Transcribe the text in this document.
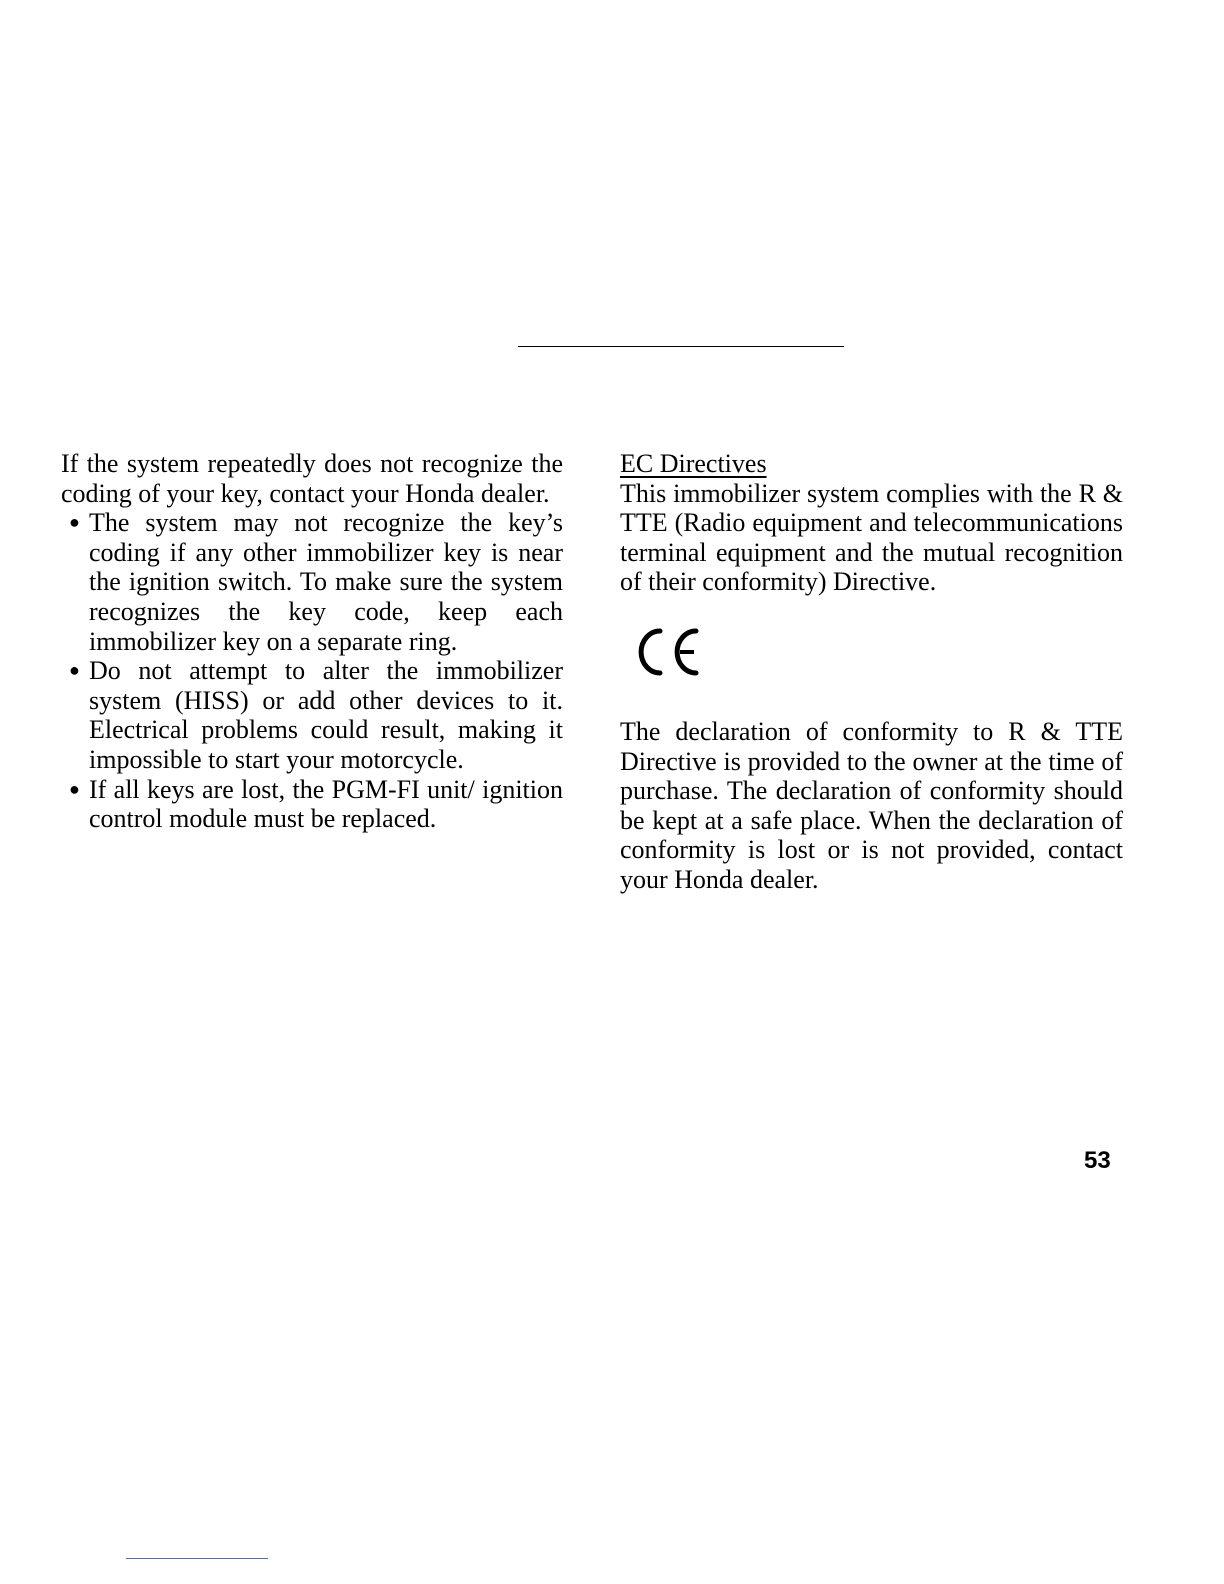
If the system repeatedly does not recognize the coding of your key, contact your Honda dealer.

● The system may not recognize the key’s coding if any other immobilizer key is near the ignition switch. To make sure the system recognizes the key code, keep each immobilizer key on a separate ring.
● Do not attempt to alter the immobilizer system (HISS) or add other devices to it. Electrical problems could result, making it impossible to start your motorcycle.
● If all keys are lost, the PGM-FI unit/ ignition control module must be replaced.
EC Directives

This immobilizer system complies with the R & TTE (Radio equipment and telecommunications terminal equipment and the mutual recognition of their conformity) Directive.

The declaration of conformity to R & TTE Directive is provided to the owner at the time of purchase. The declaration of conformity should be kept at a safe place. When the declaration of conformity is lost or is not provided, contact your Honda dealer.

53
